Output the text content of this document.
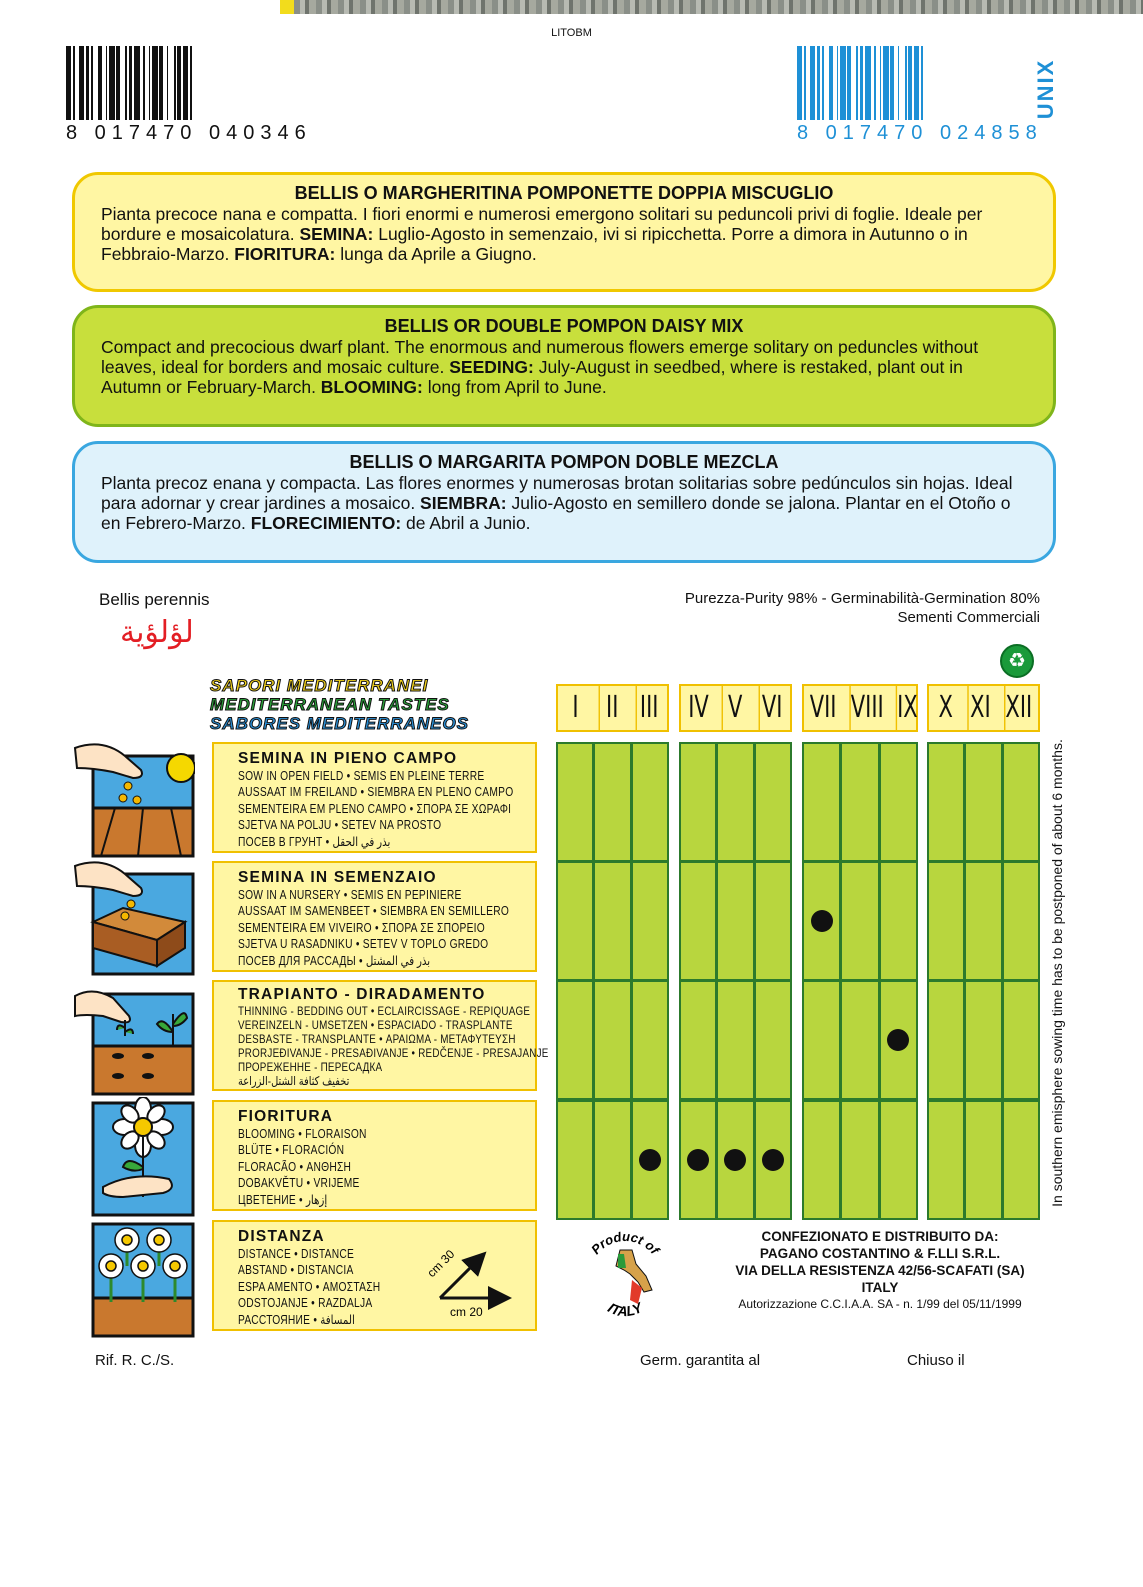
LITOBM
8 017470 040346	8 017470 024858
UNIX
BELLIS O MARGHERITINA POMPONETTE DOPPIA MISCUGLIO

Pianta precoce nana e compatta. I fiori enormi e numerosi emergono solitari su peduncoli privi di foglie. Ideale per bordure e mosaicolatura. SEMINA: Luglio-Agosto in semenzaio, ivi si ripicchetta. Porre a dimora in Autunno o in Febbraio-Marzo. FIORITURA: lunga da Aprile a Giugno.

BELLIS OR DOUBLE POMPON DAISY MIX

Compact and precocious dwarf plant. The enormous and numerous flowers emerge solitary on peduncles without leaves, ideal for borders and mosaic culture. SEEDING: July-August in seedbed, where is restaked, plant out in Autumn or February-March. BLOOMING: long from April to June.

BELLIS O MARGARITA POMPON DOBLE MEZCLA

Planta precoz enana y compacta. Las flores enormes y numerosas brotan solitarias sobre pedúnculos sin hojas. Ideal para adornar y crear jardines a mosaico. SIEMBRA: Julio-Agosto en semillero donde se jalona. Plantar en el Otoño o en Febrero-Marzo. FLORECIMIENTO: de Abril a Junio.

Bellis perennis
لؤلؤية
Purezza-Purity 98% - Germinabilità-Germination 80%
Sementi Commerciali
♻
SAPORI MEDITERRANEI
MEDITERRANEAN TASTES
SABORES MEDITERRANEOS	I II III IV V VI VII VIII IX X XI XII
SEMINA IN PIENO CAMPO
SOW IN OPEN FIELD • SEMIS EN PLEINE TERRE
AUSSAAT IM FREILAND • SIEMBRA EN PLENO CAMPO
SEMENTEIRA EM PLENO CAMPO • ΣΠΟΡΑ ΣΕ ΧΩΡΑΦΙ
SJETVA NA POLJU • SETEV NA PROSTO
ПОСЕВ В ГРУНТ • بذر في الحقل
SEMINA IN SEMENZAIO
SOW IN A NURSERY • SEMIS EN PEPINIERE
AUSSAAT IM SAMENBEET • SIEMBRA EN SEMILLERO
SEMENTEIRA EM VIVEIRO • ΣΠΟΡΑ ΣΕ ΣΠΟΡΕΙΟ
SJETVA U RASADNIKU • SETEV V TOPLO GREDO
ПОСЕВ ДЛЯ РАССАДЫ • بذر في المشتل
TRAPIANTO - DIRADAMENTO
THINNING - BEDDING OUT • ECLAIRCISSAGE - REPIQUAGE
VEREINZELN - UMSETZEN • ESPACIADO - TRASPLANTE
DESBASTE - TRANSPLANTE • ΑΡΑΙΩΜΑ - ΜΕΤΑΦΥΤΕΥΣΗ
PRORJEĐIVANJE - PRESAĐIVANJE • REDČENJE - PRESAJANJE
ПРОРЕЖЕННЕ - ПЕРЕСАДКА
تخفيف كثافة الشتل-الزراعة
FIORITURA
BLOOMING • FLORAISON
BLÜTE • FLORACIÓN
FLORACÃO • ΑΝΘΗΣΗ
DOBAKVĚTU • VRIJEME
ЦВЕТЕНИЕ • إزهار
DISTANZA
DISTANCE • DISTANCE
ABSTAND • DISTANCIA
ESPA AMENTO • ΑΜΟΣΤΑΣΗ
ODSTOJANJE • RAZDALJA
РАССТОЯНИЕ • المسافة
cm 30
cm 20
In southern emisphere sowing time has to be postponed of about 6 months.
Product of
ITALY
CONFEZIONATO E DISTRIBUITO DA:
PAGANO COSTANTINO & F.LLI S.R.L.
VIA DELLA RESISTENZA 42/56-SCAFATI (SA)
ITALY
Autorizzazione C.C.I.A.A. SA - n. 1/99 del 05/11/1999
Rif. R. C./S.	Germ. garantita al	Chiuso il
